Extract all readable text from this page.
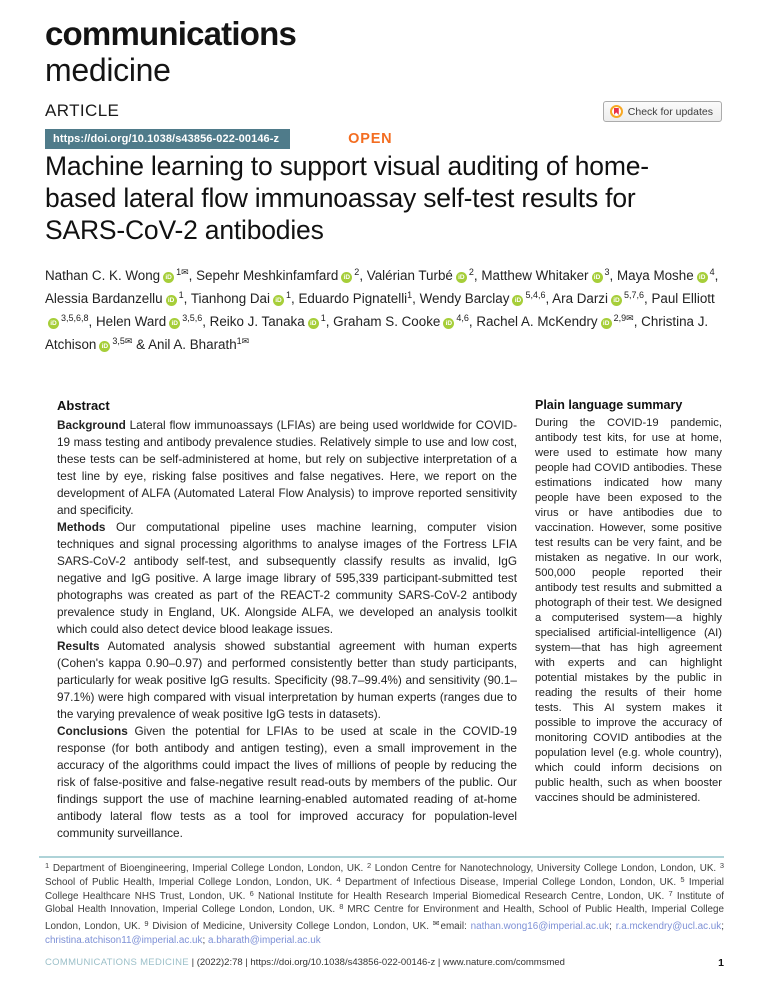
communications
medicine
ARTICLE	Check for updates
https://doi.org/10.1038/s43856-022-00146-z	OPEN
Machine learning to support visual auditing of home-based lateral flow immunoassay self-test results for SARS-CoV-2 antibodies
Nathan C. K. Wong $iD^{1✉}$, Sepehr Meshkinfamfard $iD^2$, Valérian Turbé $iD^2$, Matthew Whitaker $iD^3$, Maya Moshe $iD^4$, Alessia Bardanzellu $iD^1$, Tianhong Dai $iD^1$, Eduardo Pignatelli$^1$, Wendy Barclay iD$^{5,4,6}$, Ara Darzi iD$^{5,7,6}$, Paul ElliottiD$^{3,5,6,8}$, Helen Ward iD$^{3,5,6}$, Reiko J. Tanaka $iD^1$, Graham S. Cooke iD$^{4,6}$, Rachel A. McKendry $iD^{2,9✉}$, Christina J. Atchison $iD^{3,5✉}$ & Anil A. Bharath$^{1✉}$
Abstract

Background Lateral flow immunoassays (LFIAs) are being used worldwide for COVID-19 mass testing and antibody prevalence studies. Relatively simple to use and low cost, these tests can be self-administered at home, but rely on subjective interpretation of a test line by eye, risking false positives and false negatives. Here, we report on the development of ALFA (Automated Lateral Flow Analysis) to improve reported sensitivity and specificity.

Methods Our computational pipeline uses machine learning, computer vision techniques and signal processing algorithms to analyse images of the Fortress LFIA SARS-CoV-2 antibody self-test, and subsequently classify results as invalid, IgG negative and IgG positive. A large image library of 595,339 participant-submitted test photographs was created as part of the REACT-2 community SARS-CoV-2 antibody prevalence study in England, UK. Alongside ALFA, we developed an analysis toolkit which could also detect device blood leakage issues.

Results Automated analysis showed substantial agreement with human experts (Cohen's kappa 0.90–0.97) and performed consistently better than study participants, particularly for weak positive IgG results. Specificity (98.7–99.4%) and sensitivity (90.1–97.1%) were high compared with visual interpretation by human experts (ranges due to the varying prevalence of weak positive IgG tests in datasets).

Conclusions Given the potential for LFIAs to be used at scale in the COVID-19 response (for both antibody and antigen testing), even a small improvement in the accuracy of the algorithms could impact the lives of millions of people by reducing the risk of false-positive and false-negative result read-outs by members of the public. Our findings support the use of machine learning-enabled automated reading of at-home antibody lateral flow tests as a tool for improved accuracy for population-level community surveillance.

Plain language summary

During the COVID-19 pandemic, antibody test kits, for use at home, were used to estimate how many people had COVID antibodies. These estimations indicated how many people have been exposed to the virus or have antibodies due to vaccination. However, some positive test results can be very faint, and be mistaken as negative. In our work, 500,000 people reported their antibody test results and submitted a photograph of their test. We designed a computerised system—a highly specialised artificial-intelligence (AI) system—that has high agreement with experts and can highlight potential mistakes by the public in reading the results of their home tests. This AI system makes it possible to improve the accuracy of monitoring COVID antibodies at the population level (e.g. whole country), which could inform decisions on public health, such as when booster vaccines should be administered.

$^1$ Department of Bioengineering, Imperial College London, London, UK. $^2$ London Centre for Nanotechnology, University College London, London, UK. $^3$ School of Public Health, Imperial College London, London, UK. $^4$ Department of Infectious Disease, Imperial College London, London, UK. $^5$ Imperial College Healthcare NHS Trust, London, UK. $^6$ National Institute for Health Research Imperial Biomedical Research Centre, London, UK. $^7$ Institute of Global Health Innovation, Imperial College London, London, UK. $^8$ MRC Centre for Environment and Health, School of Public Health, Imperial College London, London, UK. $^9$ Division of Medicine, University College London, London, UK. ✉email: nathan.wong16@imperial.ac.uk; r.a.mckendry@ucl.ac.uk; christina.atchison11@imperial.ac.uk; a.bharath@imperial.ac.uk
COMMUNICATIONS MEDICINE | (2022)2:78 | https://doi.org/10.1038/s43856-022-00146-z | www.nature.com/commsmed	1
